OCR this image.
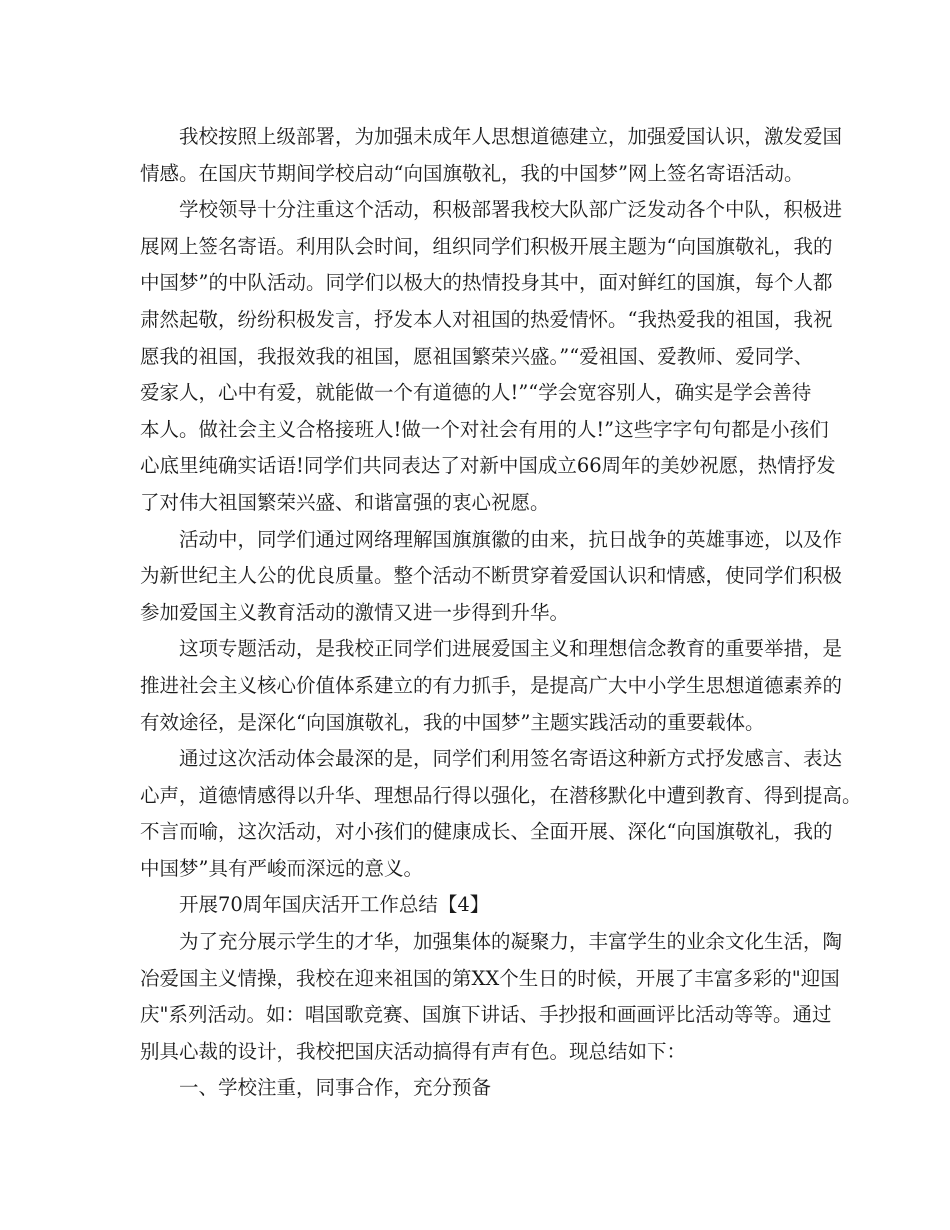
我校按照上级部署，为加强未成年人思想道德建立，加强爱国认识，激发爱国
情感。在国庆节期间学校启动“向国旗敬礼，我的中国梦”网上签名寄语活动。
学校领导十分注重这个活动，积极部署我校大队部广泛发动各个中队，积极进
展网上签名寄语。利用队会时间，组织同学们积极开展主题为“向国旗敬礼，我的
中国梦”的中队活动。同学们以极大的热情投身其中，面对鲜红的国旗，每个人都
肃然起敬，纷纷积极发言，抒发本人对祖国的热爱情怀。“我热爱我的祖国，我祝
愿我的祖国，我报效我的祖国，愿祖国繁荣兴盛。”“爱祖国、爱教师、爱同学、
爱家人，心中有爱，就能做一个有道德的人!”“学会宽容别人，确实是学会善待
本人。做社会主义合格接班人!做一个对社会有用的人!”这些字字句句都是小孩们
心底里纯确实话语!同学们共同表达了对新中国成立66周年的美妙祝愿，热情抒发
了对伟大祖国繁荣兴盛、和谐富强的衷心祝愿。
活动中，同学们通过网络理解国旗旗徽的由来，抗日战争的英雄事迹，以及作
为新世纪主人公的优良质量。整个活动不断贯穿着爱国认识和情感，使同学们积极
参加爱国主义教育活动的激情又进一步得到升华。
这项专题活动，是我校正同学们进展爱国主义和理想信念教育的重要举措，是
推进社会主义核心价值体系建立的有力抓手，是提高广大中小学生思想道德素养的
有效途径，是深化“向国旗敬礼，我的中国梦”主题实践活动的重要载体。
通过这次活动体会最深的是，同学们利用签名寄语这种新方式抒发感言、表达
心声，道德情感得以升华、理想品行得以强化，在潜移默化中遭到教育、得到提高。
不言而喻，这次活动，对小孩们的健康成长、全面开展、深化“向国旗敬礼，我的
中国梦”具有严峻而深远的意义。
开展70周年国庆活开工作总结【4】
为了充分展示学生的才华，加强集体的凝聚力，丰富学生的业余文化生活，陶
冶爱国主义情操，我校在迎来祖国的第XX个生日的时候，开展了丰富多彩的"迎国
庆"系列活动。如：唱国歌竞赛、国旗下讲话、手抄报和画画评比活动等等。通过
别具心裁的设计，我校把国庆活动搞得有声有色。现总结如下：
一、学校注重，同事合作，充分预备
